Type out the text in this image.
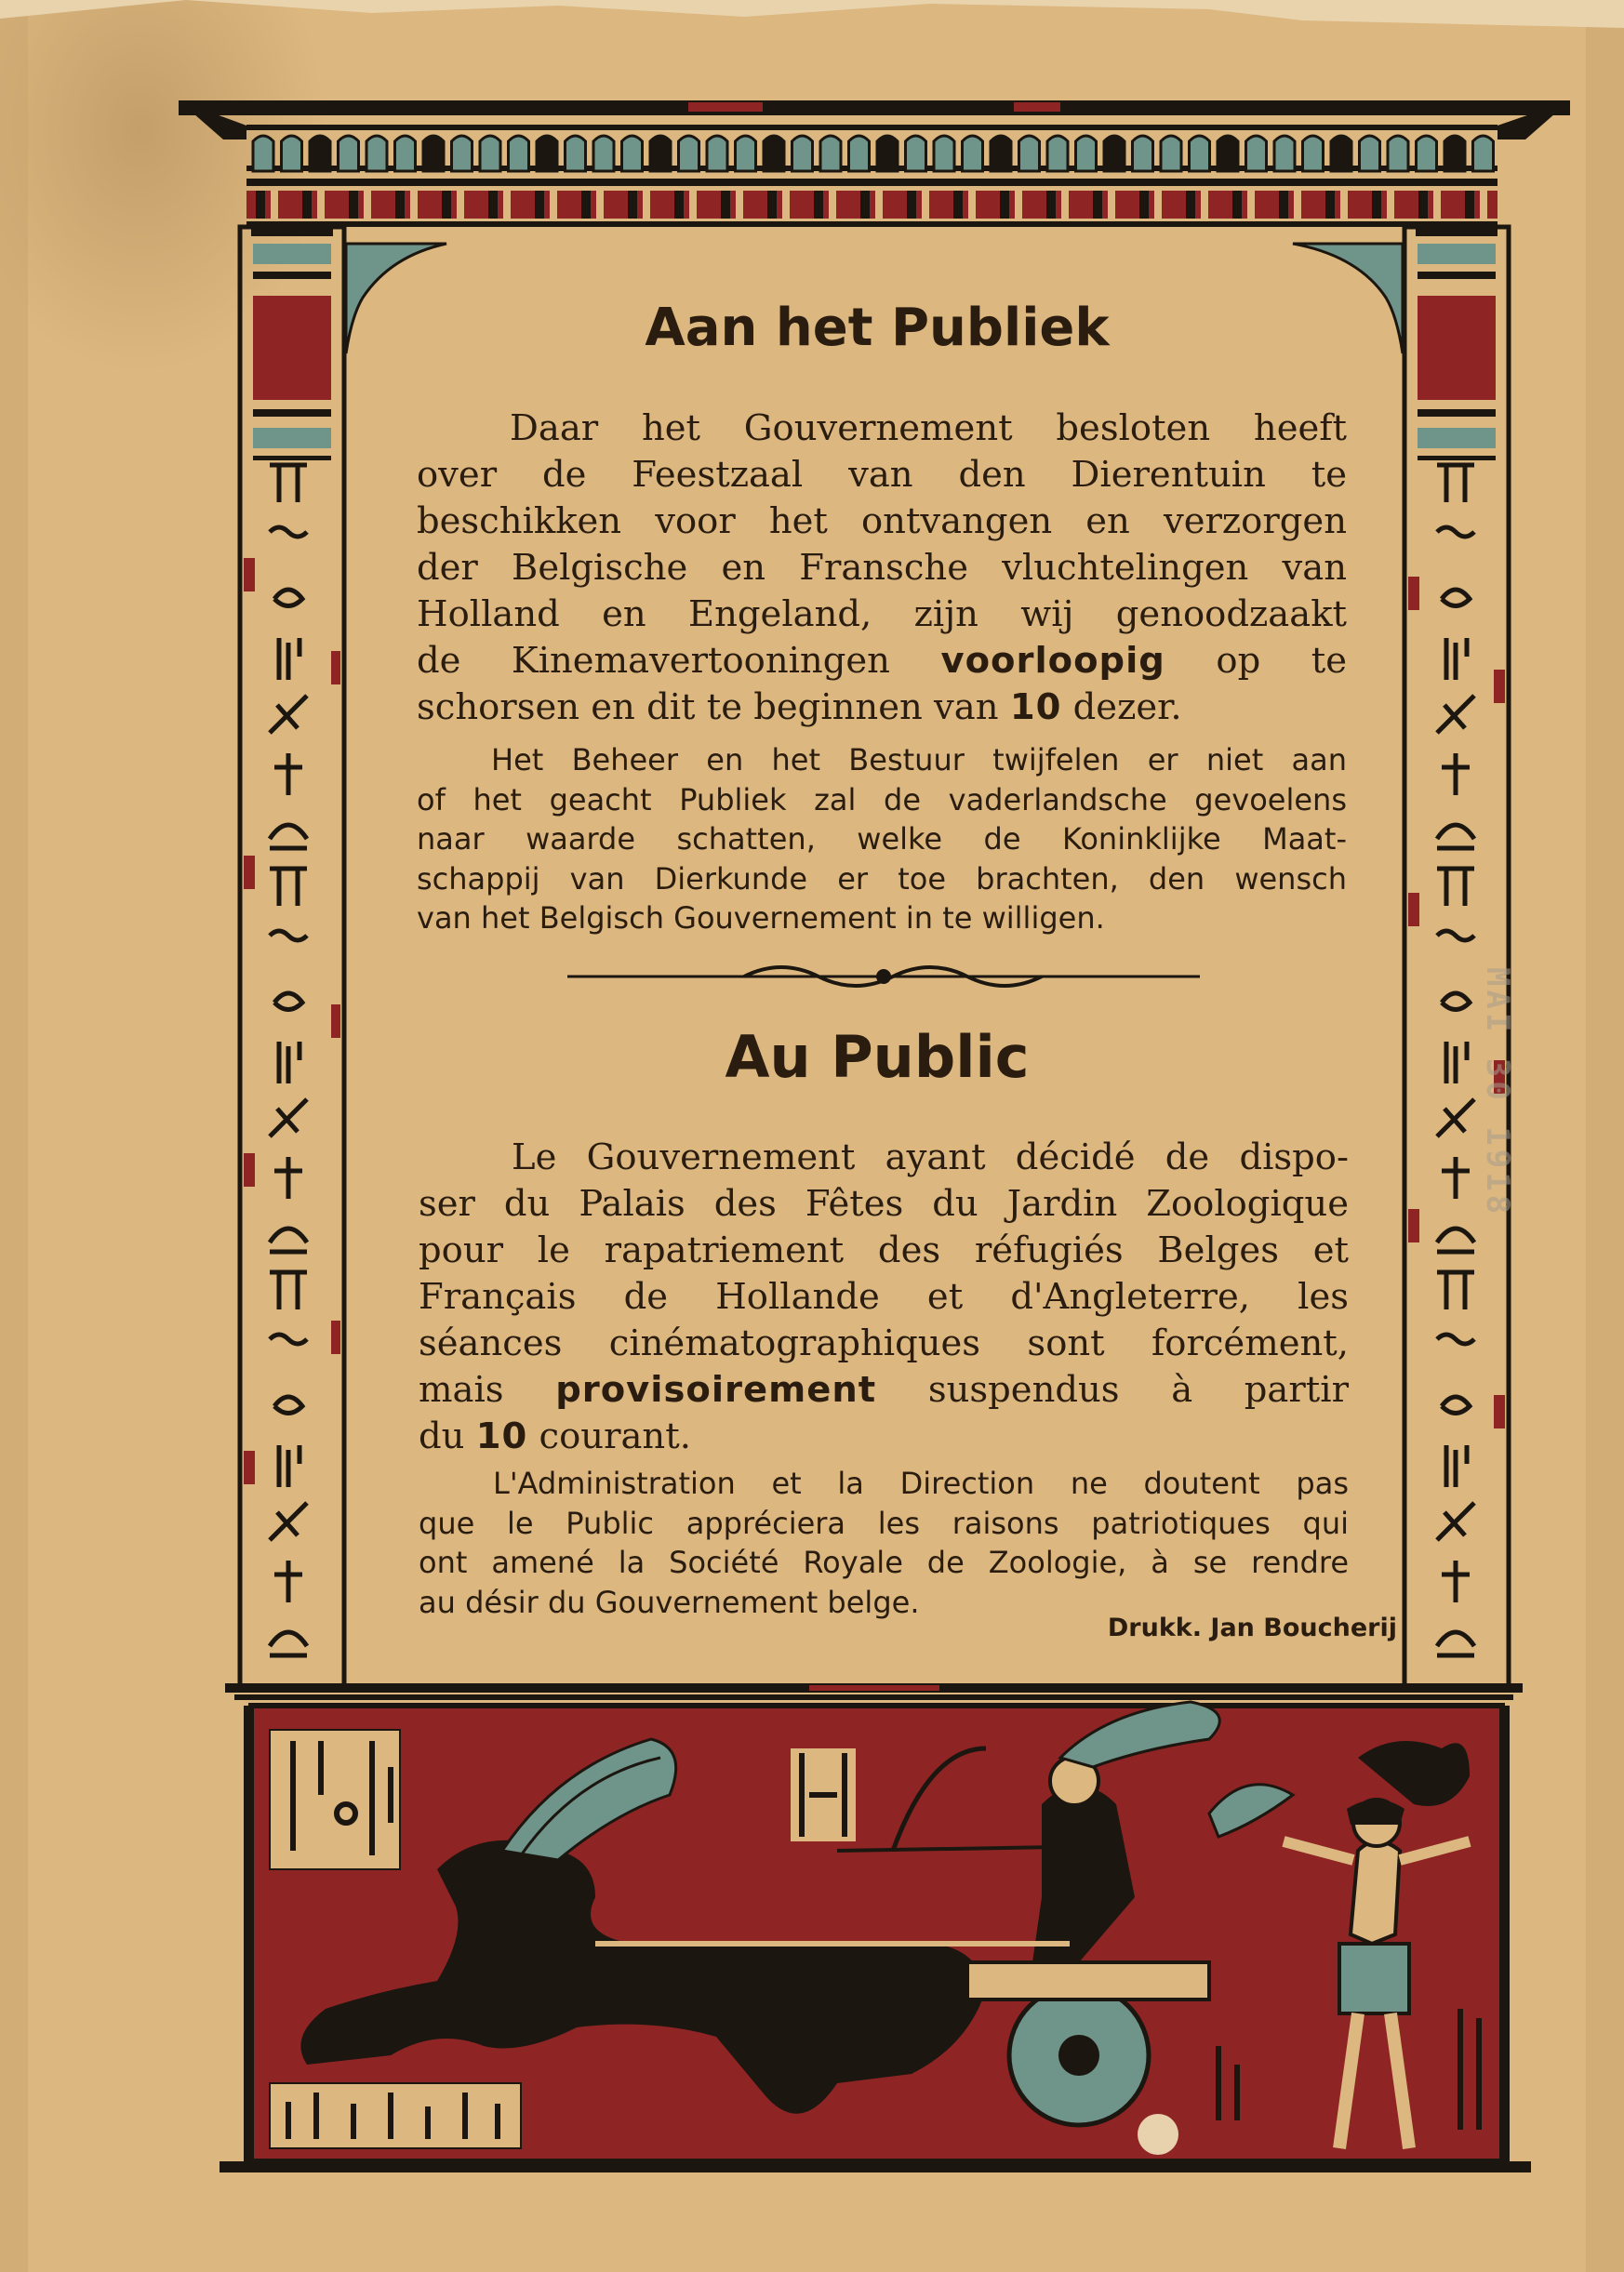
Aan het Publiek
Daar het Gouvernement besloten heeft
over de Feestzaal van den Dierentuin te
beschikken voor het ontvangen en verzorgen
der Belgische en Fransche vluchtelingen van
Holland en Engeland, zijn wij genoodzaakt
de Kinemavertooningen voorloopig op te
schorsen en dit te beginnen van 10 dezer.
Het Beheer en het Bestuur twijfelen er niet aan
of het geacht Publiek zal de vaderlandsche gevoelens
naar waarde schatten, welke de Koninklijke Maat-
schappij van Dierkunde er toe brachten, den wensch
van het Belgisch Gouvernement in te willigen.
Au Public
Le Gouvernement ayant décidé de dispo-
ser du Palais des Fêtes du Jardin Zoologique
pour le rapatriement des réfugiés Belges et
Français de Hollande et d'Angleterre, les
séances cinématographiques sont forcément,
mais provisoirement suspendus à partir
du 10 courant.
L'Administration et la Direction ne doutent pas
que le Public appréciera les raisons patriotiques qui
ont amené la Société Royale de Zoologie, à se rendre
au désir du Gouvernement belge.
Drukk. Jan Boucherij
MAI 30 1918
